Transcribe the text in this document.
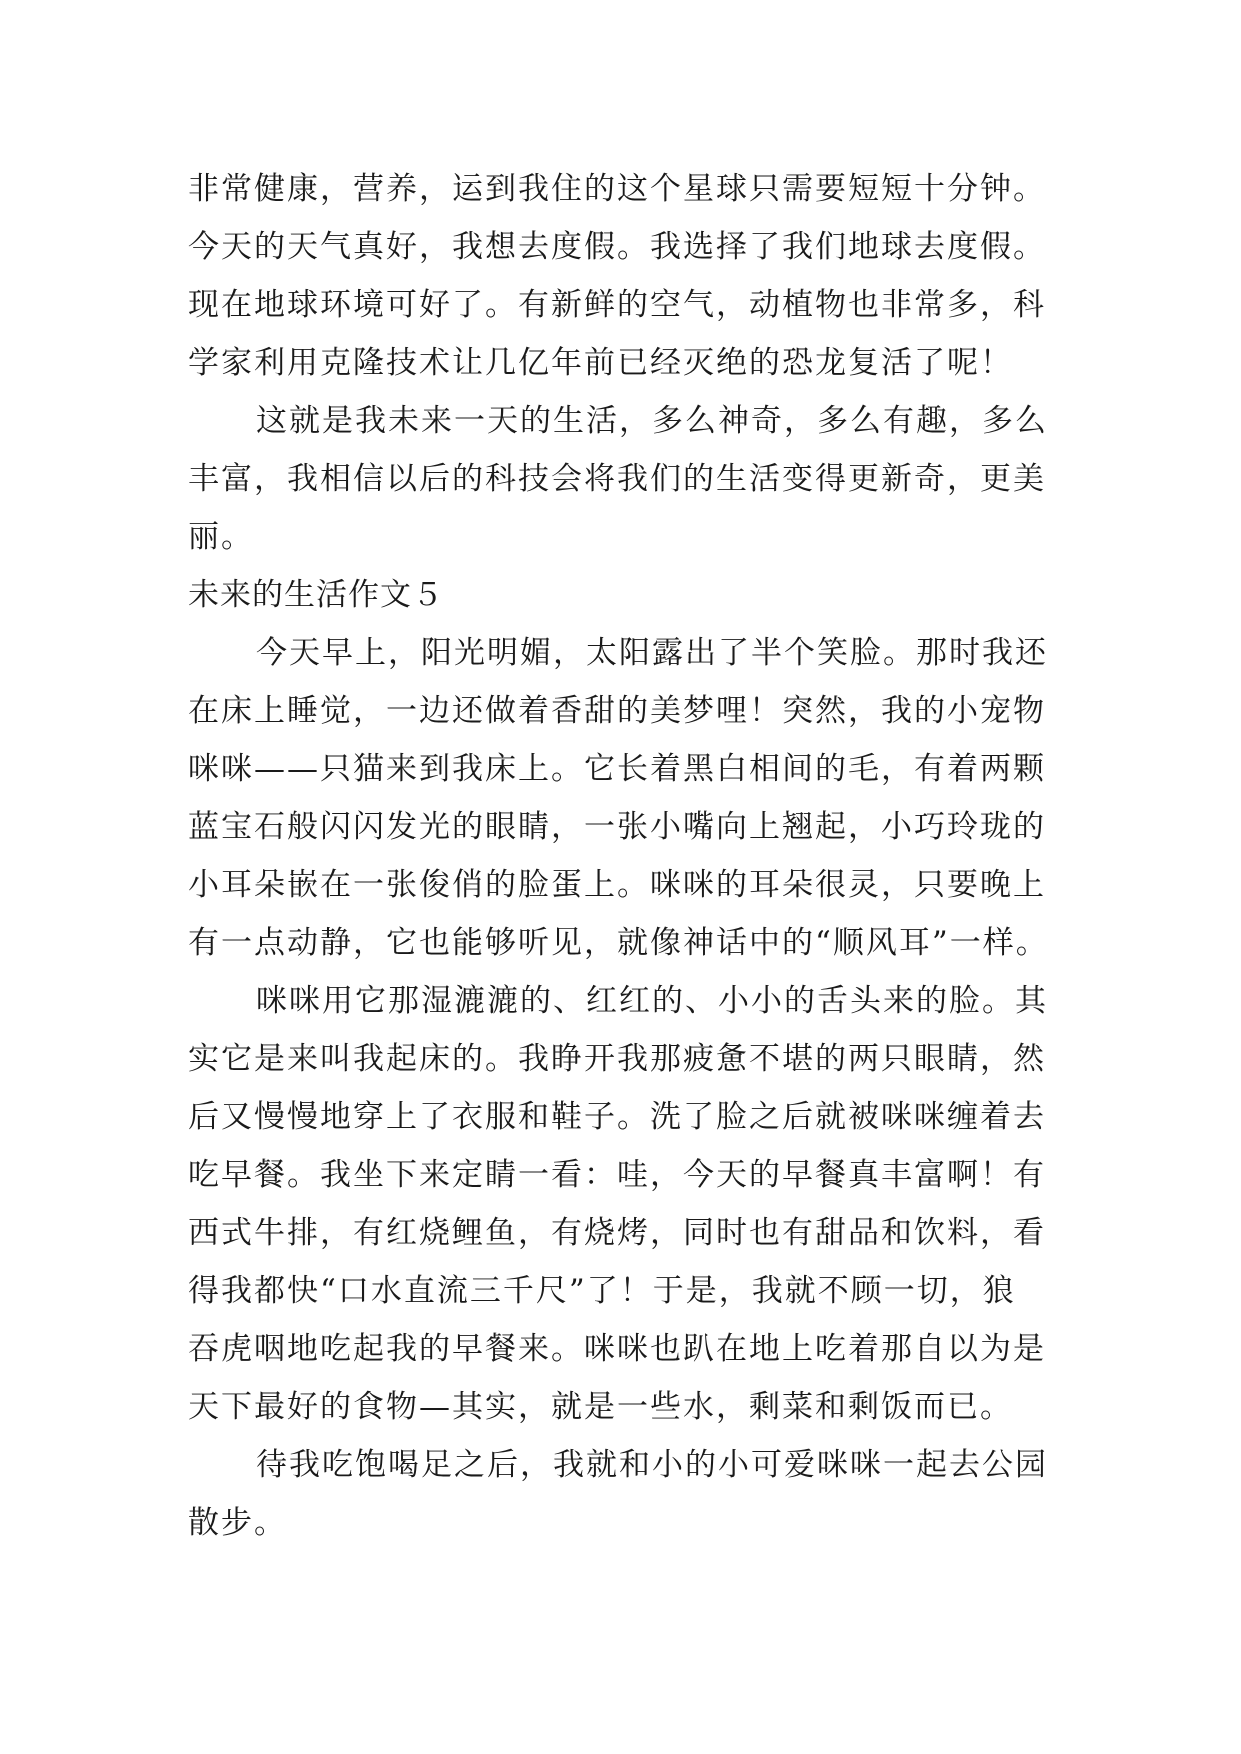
非常健康，营养，运到我住的这个星球只需要短短十分钟。
今天的天气真好，我想去度假。我选择了我们地球去度假。
现在地球环境可好了。有新鲜的空气，动植物也非常多，科
学家利用克隆技术让几亿年前已经灭绝的恐龙复活了呢！
这就是我未来一天的生活，多么神奇，多么有趣，多么
丰富，我相信以后的科技会将我们的生活变得更新奇，更美
丽。
未来的生活作文５
今天早上，阳光明媚，太阳露出了半个笑脸。那时我还
在床上睡觉，一边还做着香甜的美梦哩！突然，我的小宠物
咪咪——只猫来到我床上。它长着黑白相间的毛，有着两颗
蓝宝石般闪闪发光的眼睛，一张小嘴向上翘起，小巧玲珑的
小耳朵嵌在一张俊俏的脸蛋上。咪咪的耳朵很灵，只要晚上
有一点动静，它也能够听见，就像神话中的“顺风耳”一样。
咪咪用它那湿漉漉的、红红的、小小的舌头来的脸。其
实它是来叫我起床的。我睁开我那疲惫不堪的两只眼睛，然
后又慢慢地穿上了衣服和鞋子。洗了脸之后就被咪咪缠着去
吃早餐。我坐下来定睛一看：哇，今天的早餐真丰富啊！有
西式牛排，有红烧鲤鱼，有烧烤，同时也有甜品和饮料，看
得我都快“口水直流三千尺”了！于是，我就不顾一切，狼
吞虎咽地吃起我的早餐来。咪咪也趴在地上吃着那自以为是
天下最好的食物—其实，就是一些水，剩菜和剩饭而已。
待我吃饱喝足之后，我就和小的小可爱咪咪一起去公园
散步。
